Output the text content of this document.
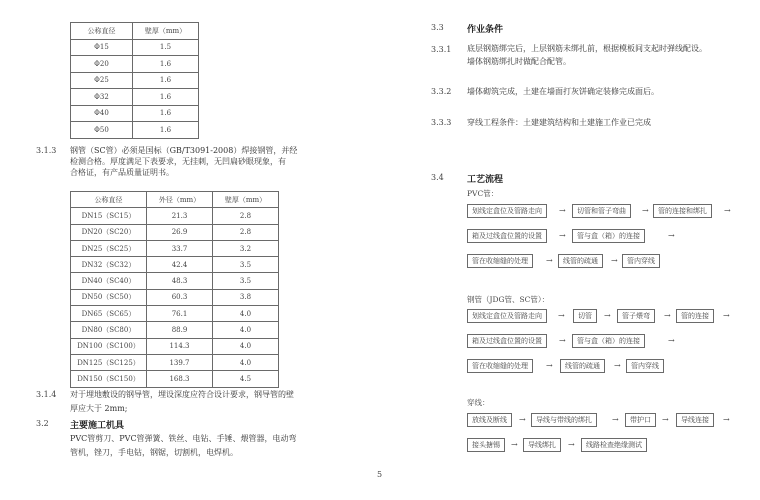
公称直径	壁厚（mm）
Φ15	1.5
Φ20	1.6
Φ25	1.6
Φ32	1.6
Φ40	1.6
Φ50	1.6
3.1.3 钢管（SC管）必须是国标（GB/T3091-2008）焊接钢管，并经
检测合格。厚度满足下表要求，无挂刺，无凹扁砂眼现象，有
合格证，有产品质量证明书。
公称直径	外径（mm）	壁厚（mm）
DN15（SC15）	21.3	2.8
DN20（SC20）	26.9	2.8
DN25（SC25）	33.7	3.2
DN32（SC32）	42.4	3.5
DN40（SC40）	48.3	3.5
DN50（SC50）	60.3	3.8
DN65（SC65）	76.1	4.0
DN80（SC80）	88.9	4.0
DN100（SC100）	114.3	4.0
DN125（SC125）	139.7	4.0
DN150（SC150）	168.3	4.5
3.1.4 对于埋地敷设的钢导管，埋设深度应符合设计要求，钢导管的壁
厚应大于 2mm;
3.2 主要施工机具
PVC管剪刀、PVC管弹簧、铁丝、电钻、手锤、煨管器，电动弯
管机，锉刀，手电钻，钢锯，切割机，电焊机。
3.3	作业条件
3.3.1 底层钢筋绑完后，上层钢筋未绑扎前，根据模板间支起时弹线配设。
墙体钢筋绑扎时做配合配管。
3.3.2 墙体砌筑完成，土建在墙面打灰饼确定装修完成面后。
3.3.3 穿线工程条件：土建建筑结构和土建施工作业已完成
3.4	工艺流程
PVC管：
划线定盒位及管路走向	→	切管和管子弯曲	→	管的连接和绑扎	→
箱及过线盒位置的设置	→	管与盒（箱）的连接	→
管在收缩缝的处理	→	线管的疏通	→	管内穿线
钢管（JDG管、SC管）：
划线定盒位及管路走向	→	切管	→	管子煨弯	→	管的连接	→
箱及过线盒位置的设置	→	管与盒（箱）的连接	→
管在收缩缝的处理	→	线管的疏通	→	管内穿线
穿线：
放线及断线	→	导线与带线的绑扎	→	带护口	→	导线连接	→
接头搪锡	→	导线绑扎	→	线路检查绝缘测试
5
